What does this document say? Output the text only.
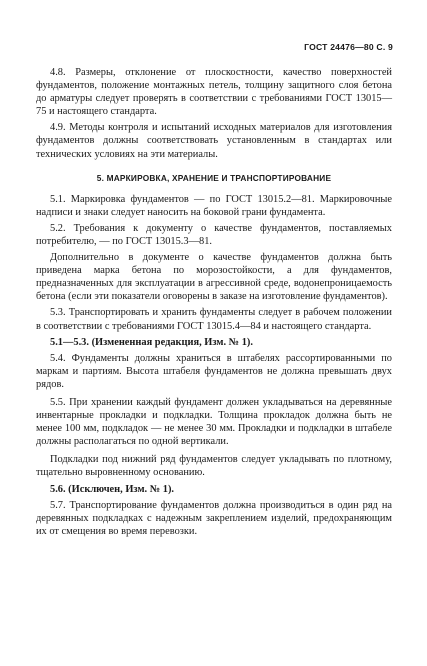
ГОСТ 24476—80 С. 9

4.8. Размеры, отклонение от плоскостности, качество поверхностей фундаментов, положение монтажных петель, толщину защитного слоя бетона до арматуры следует проверять в соответствии с требованиями ГОСТ 13015—75 и настоящего стандарта.

4.9. Методы контроля и испытаний исходных материалов для изготовления фундаментов должны соответствовать установленным в стандартах или технических условиях на эти материалы.

5. МАРКИРОВКА, ХРАНЕНИЕ И ТРАНСПОРТИРОВАНИЕ

5.1. Маркировка фундаментов — по ГОСТ 13015.2—81. Маркировочные надписи и знаки следует наносить на боковой грани фундамента.

5.2. Требования к документу о качестве фундаментов, поставляемых потребителю, — по ГОСТ 13015.3—81.

Дополнительно в документе о качестве фундаментов должна быть приведена марка бетона по морозостойкости, а для фундаментов, предназначенных для эксплуатации в агрессивной среде, водонепроницаемость бетона (если эти показатели оговорены в заказе на изготовление фундаментов).

5.3. Транспортировать и хранить фундаменты следует в рабочем положении в соответствии с требованиями ГОСТ 13015.4—84 и настоящего стандарта.

5.1—5.3. (Измененная редакция, Изм. № 1).

5.4. Фундаменты должны храниться в штабелях рассортированными по маркам и партиям. Высота штабеля фундаментов не должна превышать двух рядов.

5.5. При хранении каждый фундамент должен укладываться на деревянные инвентарные прокладки и подкладки. Толщина прокладок должна быть не менее 100 мм, подкладок — не менее 30 мм. Прокладки и подкладки в штабеле должны располагаться по одной вертикали.

Подкладки под нижний ряд фундаментов следует укладывать по плотному, тщательно выровненному основанию.

5.6. (Исключен, Изм. № 1).

5.7. Транспортирование фундаментов должна производиться в один ряд на деревянных подкладках с надежным закреплением изделий, предохраняющим их от смещения во время перевозки.
